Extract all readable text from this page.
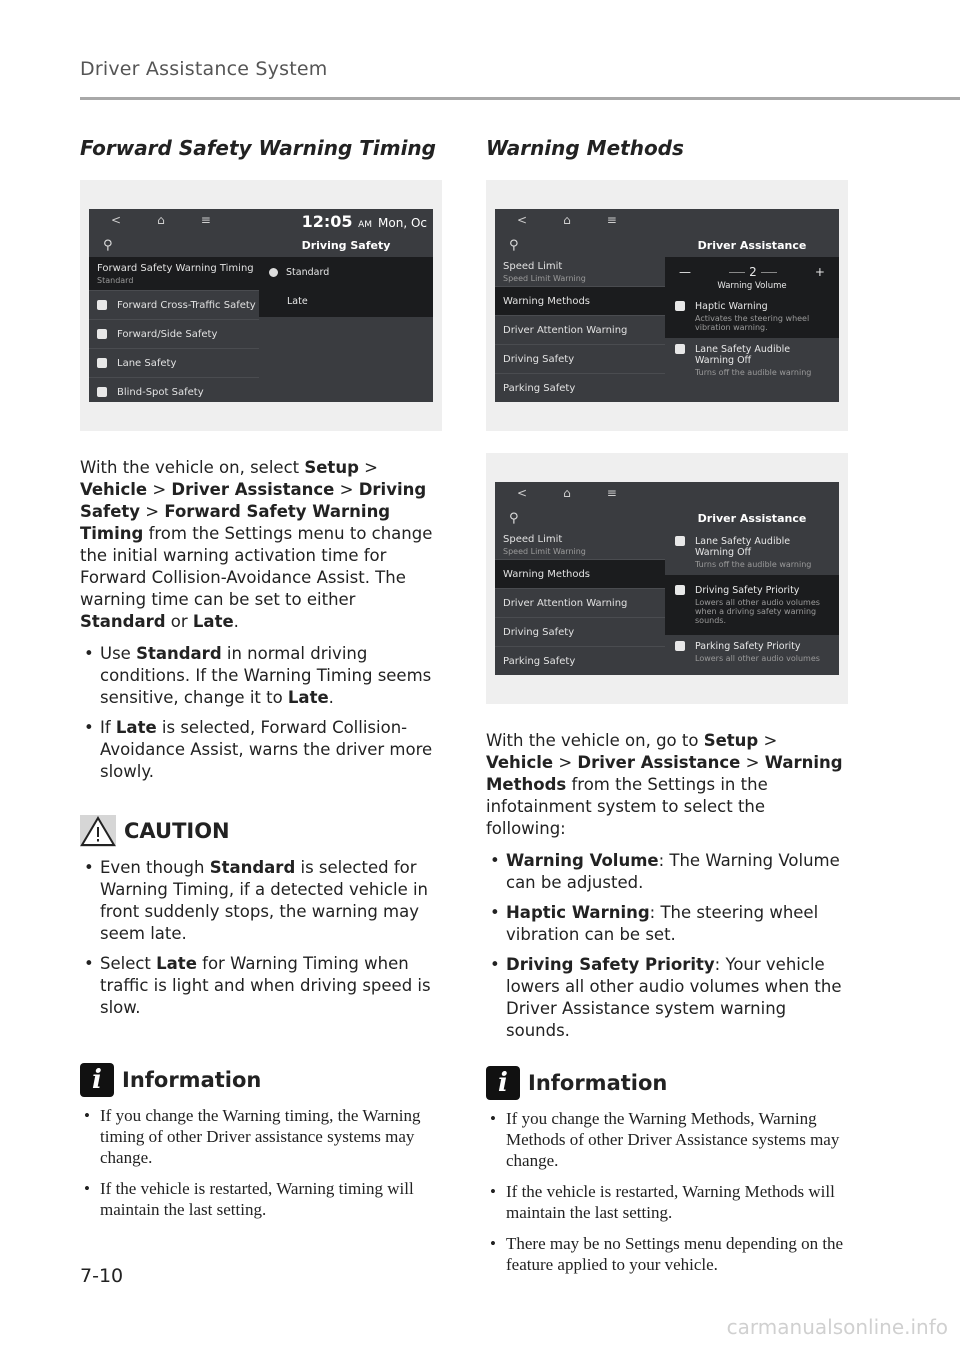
Driver Assistance System
Forward Safety Warning Timing
<	⌂	≡	12:05 AM Mon, Oc
⚲	Driving Safety
Forward Safety Warning Timing
Standard
Forward Cross-Traffic Safety
Forward/Side Safety
Lane Safety
Blind-Spot Safety
Standard
Late

With the vehicle on, select Setup > Vehicle > Driver Assistance > Driving Safety > Forward Safety Warning Timing from the Settings menu to change the initial warning activation time for Forward Collision-Avoidance Assist. The warning time can be set to either Standard or Late.

• Use Standard in normal driving conditions. If the Warning Timing seems sensitive, change it to Late.
• If Late is selected, Forward Collision-Avoidance Assist, warns the driver more slowly.
CAUTION
• Even though Standard is selected for Warning Timing, if a detected vehicle in front suddenly stops, the warning may seem late.
• Select Late for Warning Timing when traffic is light and when driving speed is slow.
i Information
• If you change the Warning timing, the Warning timing of other Driver assistance systems may change.
• If the vehicle is restarted, Warning timing will maintain the last setting.
Warning Methods
<	⌂	≡
⚲	Driver Assistance
Speed Limit
Speed Limit Warning
Warning Methods
Driver Attention Warning
Driving Safety
Parking Safety
—	2	+
Warning Volume
Haptic Warning
Activates the steering wheel vibration warning.
Lane Safety Audible Warning Off
Turns off the audible warning
<	⌂	≡
⚲	Driver Assistance
Speed Limit
Speed Limit Warning
Warning Methods
Driver Attention Warning
Driving Safety
Parking Safety
Lane Safety Audible Warning Off
Turns off the audible warning
Driving Safety Priority
Lowers all other audio volumes when a driving safety warning sounds.
Parking Safety Priority
Lowers all other audio volumes

With the vehicle on, go to Setup > Vehicle > Driver Assistance > Warning Methods from the Settings in the infotainment system to select the following:

• Warning Volume: The Warning Volume can be adjusted.
• Haptic Warning: The steering wheel vibration can be set.
• Driving Safety Priority: Your vehicle lowers all other audio volumes when the Driver Assistance system warning sounds.
i Information
• If you change the Warning Methods, Warning Methods of other Driver Assistance systems may change.
• If the vehicle is restarted, Warning Methods will maintain the last setting.
• There may be no Settings menu depending on the feature applied to your vehicle.
7-10
carmanualsonline.info
